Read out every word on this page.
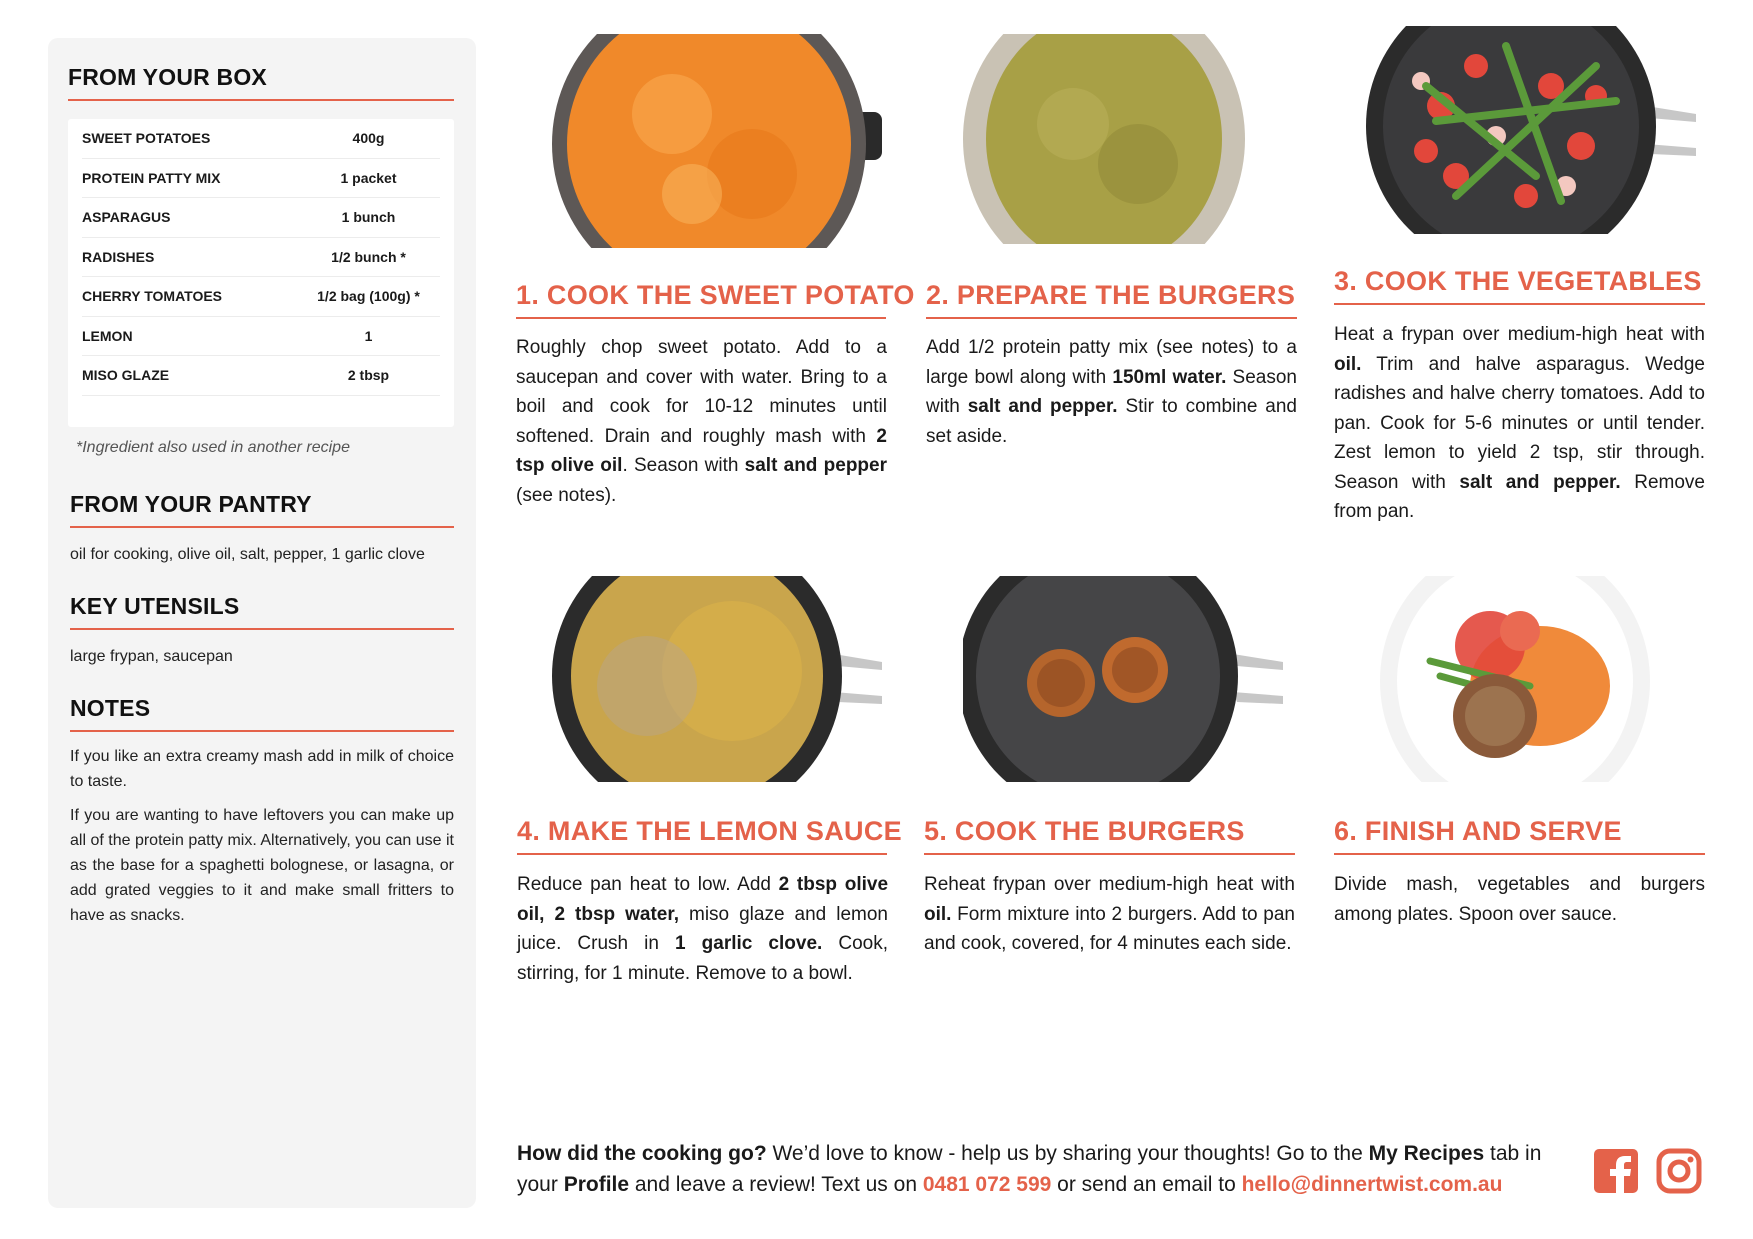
FROM YOUR BOX
SWEET POTATOES	400g
PROTEIN PATTY MIX	1 packet
ASPARAGUS	1 bunch
RADISHES	1/2 bunch *
CHERRY TOMATOES	1/2 bag (100g) *
LEMON	1
MISO GLAZE	2 tbsp

*Ingredient also used in another recipe

FROM YOUR PANTRY

oil for cooking, olive oil, salt, pepper, 1 garlic clove

KEY UTENSILS

large frypan, saucepan

NOTES

If you like an extra creamy mash add in milk of choice to taste.

If you are wanting to have leftovers you can make up all of the protein patty mix. Alternatively, you can use it as the base for a spaghetti bolognese, or lasagna, or add grated veggies to it and make small fritters to have as snacks.

1. COOK THE SWEET POTATO

Roughly chop sweet potato. Add to a saucepan and cover with water. Bring to a boil and cook for 10-12 minutes until softened. Drain and roughly mash with 2 tsp olive oil. Season with salt and pepper (see notes).

2. PREPARE THE BURGERS

Add 1/2 protein patty mix (see notes) to a large bowl along with 150ml water. Season with salt and pepper. Stir to combine and set aside.

3. COOK THE VEGETABLES

Heat a frypan over medium-high heat with oil. Trim and halve asparagus. Wedge radishes and halve cherry tomatoes. Add to pan. Cook for 5-6 minutes or until tender. Zest lemon to yield 2 tsp, stir through. Season with salt and pepper. Remove from pan.

4. MAKE THE LEMON SAUCE

Reduce pan heat to low. Add 2 tbsp olive oil, 2 tbsp water, miso glaze and lemon juice. Crush in 1 garlic clove. Cook, stirring, for 1 minute. Remove to a bowl.

5. COOK THE BURGERS

Reheat frypan over medium-high heat with oil. Form mixture into 2 burgers. Add to pan and cook, covered, for 4 minutes each side.

6. FINISH AND SERVE

Divide mash, vegetables and burgers among plates. Spoon over sauce.

How did the cooking go? We’d love to know - help us by sharing your thoughts! Go to the My Recipes tab in your Profile and leave a review! Text us on 0481 072 599 or send an email to hello@dinnertwist.com.au
